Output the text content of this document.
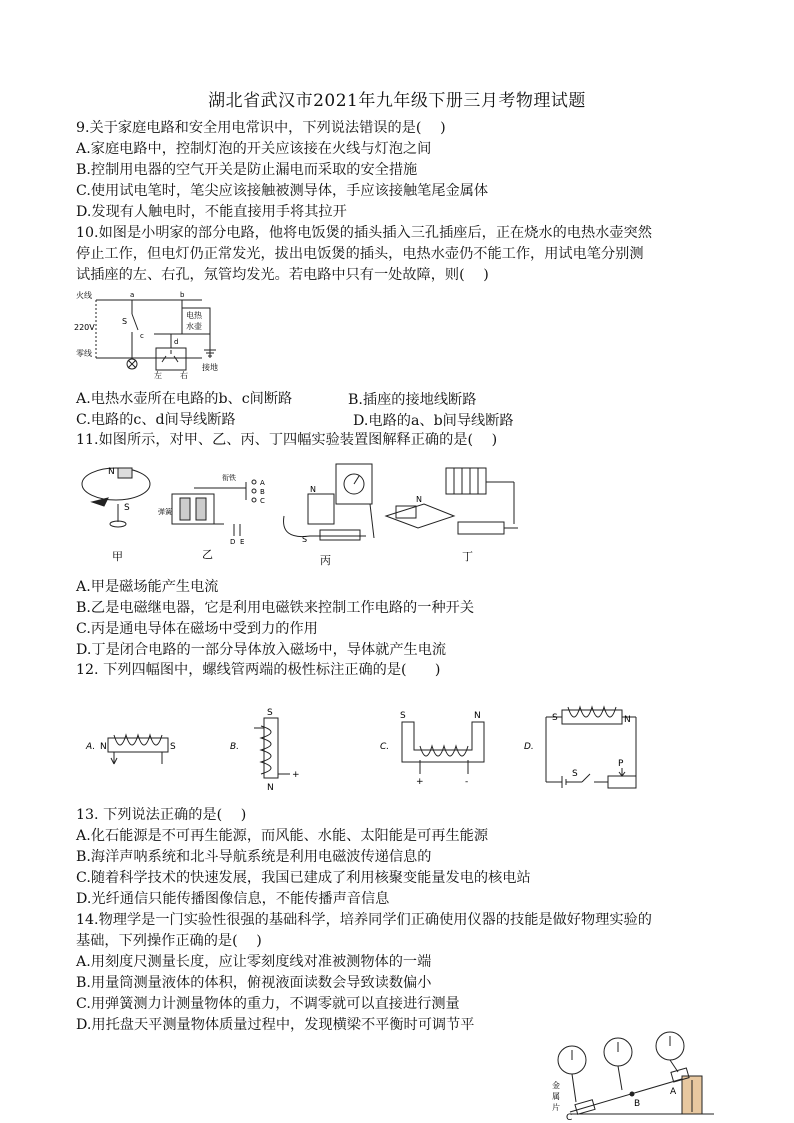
湖北省武汉市2021年九年级下册三月考物理试题
9.关于家庭电路和安全用电常识中，下列说法错误的是(　 )
A.家庭电路中，控制灯泡的开关应该接在火线与灯泡之间
B.控制用电器的空气开关是防止漏电而采取的安全措施
C.使用试电笔时，笔尖应该接触被测导体，手应该接触笔尾金属体
D.发现有人触电时，不能直接用手将其拉开
10.如图是小明家的部分电路，他将电饭煲的插头插入三孔插座后，正在烧水的电热水壶突然
停止工作，但电灯仍正常发光，拔出电饭煲的插头，电热水壶仍不能工作，用试电笔分别测
试插座的左、右孔，氖管均发光。若电路中只有一处故障，则(　 )
火线
220V
零线
a	b
c
d
S
电热
水壶
左 右
接地
A.电热水壶所在电路的b、c间断路	B.插座的接地线断路
C.电路的c、d间导线断路	D.电路的a、b间导线断路
11.如图所示，对甲、乙、丙、丁四幅实验装置图解释正确的是(　 )
N
S
甲
衔铁
弹簧
A
B
C
D E
乙
N
S
丙
N
丁
A.甲是磁场能产生电流
B.乙是电磁继电器，它是利用电磁铁来控制工作电路的一种开关
C.丙是通电导体在磁场中受到力的作用
D.丁是闭合电路的一部分导体放入磁场中，导体就产生电流
12. 下列四幅图中，螺线管两端的极性标注正确的是(　　)
A. N	S	B.
S
N
+
C.
S	N
+	-
D.
S	N
S
P
13. 下列说法正确的是(　 )
A.化石能源是不可再生能源，而风能、水能、太阳能是可再生能源
B.海洋声呐系统和北斗导航系统是利用电磁波传递信息的
C.随着科学技术的快速发展，我国已建成了利用核聚变能量发电的核电站
D.光纤通信只能传播图像信息，不能传播声音信息
14.物理学是一门实验性很强的基础科学，培养同学们正确使用仪器的技能是做好物理实验的
基础，下列操作正确的是(　 )
A.用刻度尺测量长度，应让零刻度线对准被测物体的一端
B.用量筒测量液体的体积，俯视液面读数会导致读数偏小
C.用弹簧测力计测量物体的重力，不调零就可以直接进行测量
D.用托盘天平测量物体质量过程中，发现横梁不平衡时可调节平
金
属
片
C
B
A
